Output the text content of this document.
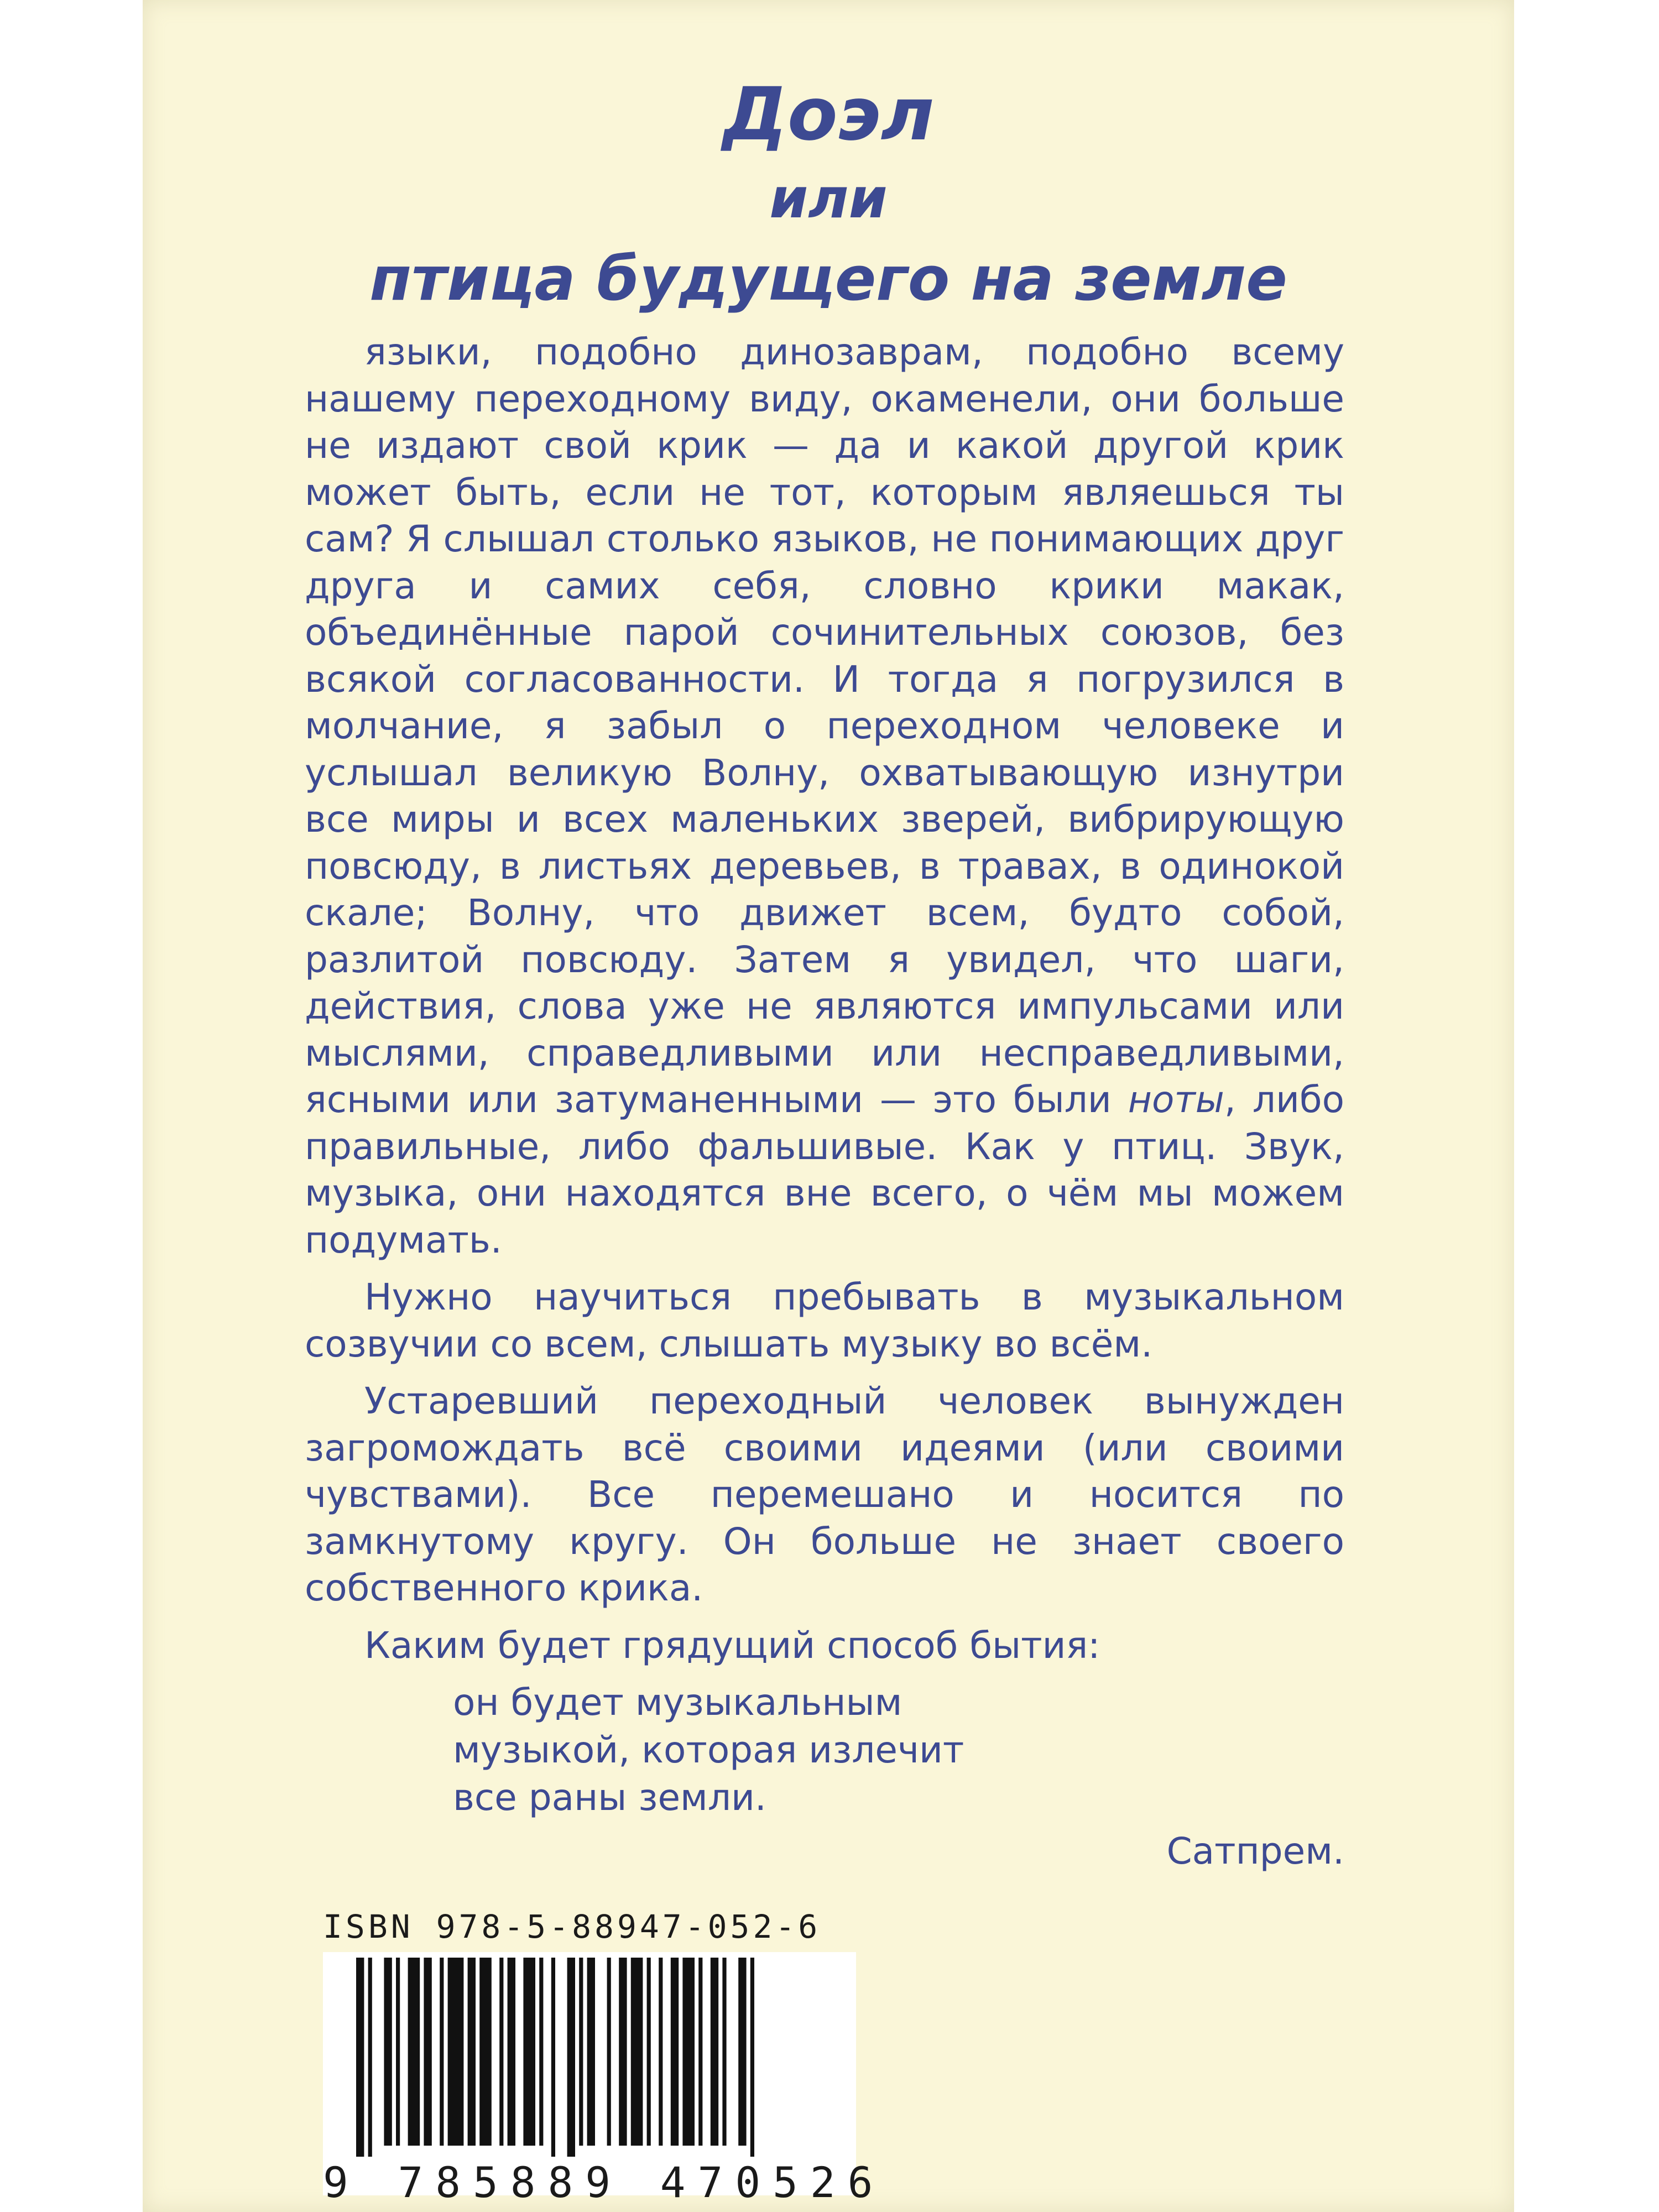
Доэл
или
птица будущего на земле

языки, подобно динозаврам, подобно всему нашему переходному виду, окаменели, они больше не издают свой крик — да и какой другой крик может быть, если не тот, которым являешься ты сам? Я слышал столько языков, не понимающих друг друга и самих себя, словно крики макак, объединённые парой сочинительных союзов, без всякой согласованности. И тогда я погрузился в молчание, я забыл о переходном человеке и услышал великую Волну, охватывающую изнутри все миры и всех маленьких зверей, вибрирующую повсюду, в листьях деревьев, в травах, в одинокой скале; Волну, что движет всем, будто собой, разлитой повсюду. Затем я увидел, что шаги, действия, слова уже не являются импульсами или мыслями, справедливыми или несправедливыми, ясными или затуманенными — это были ноты, либо правильные, либо фальшивые. Как у птиц. Звук, музыка, они находятся вне всего, о чём мы можем подумать.

Нужно научиться пребывать в музыкальном созвучии со всем, слышать музыку во всём.

Устаревший переходный человек вынужден загромождать всё своими идеями (или своими чувствами). Все перемешано и носится по замкнутому кругу. Он больше не знает своего собственного крика.

Каким будет грядущий способ бытия:

он будет музыкальным
музыкой, которая излечит
все раны земли.
Сатпрем.
ISBN 978-5-88947-052-6
9 785889 470526
